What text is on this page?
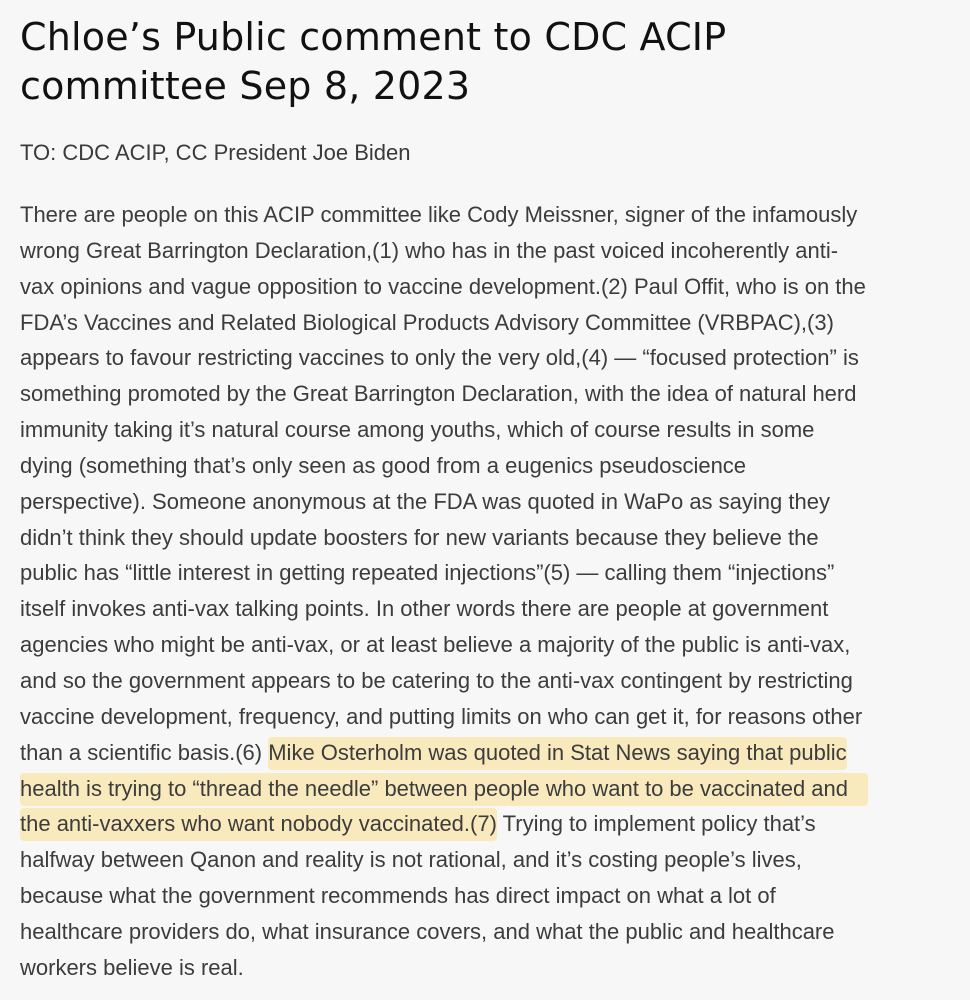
Chloe’s Public comment to CDC ACIP
committee Sep 8, 2023

TO: CDC ACIP, CC President Joe Biden

There are people on this ACIP committee like Cody Meissner, signer of the infamously
wrong Great Barrington Declaration,(1) who has in the past voiced incoherently anti-
vax opinions and vague opposition to vaccine development.(2) Paul Offit, who is on the
FDA’s Vaccines and Related Biological Products Advisory Committee (VRBPAC),(3)
appears to favour restricting vaccines to only the very old,(4) — “focused protection” is
something promoted by the Great Barrington Declaration, with the idea of natural herd
immunity taking it’s natural course among youths, which of course results in some
dying (something that’s only seen as good from a eugenics pseudoscience
perspective). Someone anonymous at the FDA was quoted in WaPo as saying they
didn’t think they should update boosters for new variants because they believe the
public has “little interest in getting repeated injections”(5) — calling them “injections”
itself invokes anti-vax talking points. In other words there are people at government
agencies who might be anti-vax, or at least believe a majority of the public is anti-vax,
and so the government appears to be catering to the anti-vax contingent by restricting
vaccine development, frequency, and putting limits on who can get it, for reasons other
than a scientific basis.(6) Mike Osterholm was quoted in Stat News saying that public
health is trying to “thread the needle” between people who want to be vaccinated and
the anti-vaxxers who want nobody vaccinated.(7) Trying to implement policy that’s
halfway between Qanon and reality is not rational, and it’s costing people’s lives,
because what the government recommends has direct impact on what a lot of
healthcare providers do, what insurance covers, and what the public and healthcare
workers believe is real.
